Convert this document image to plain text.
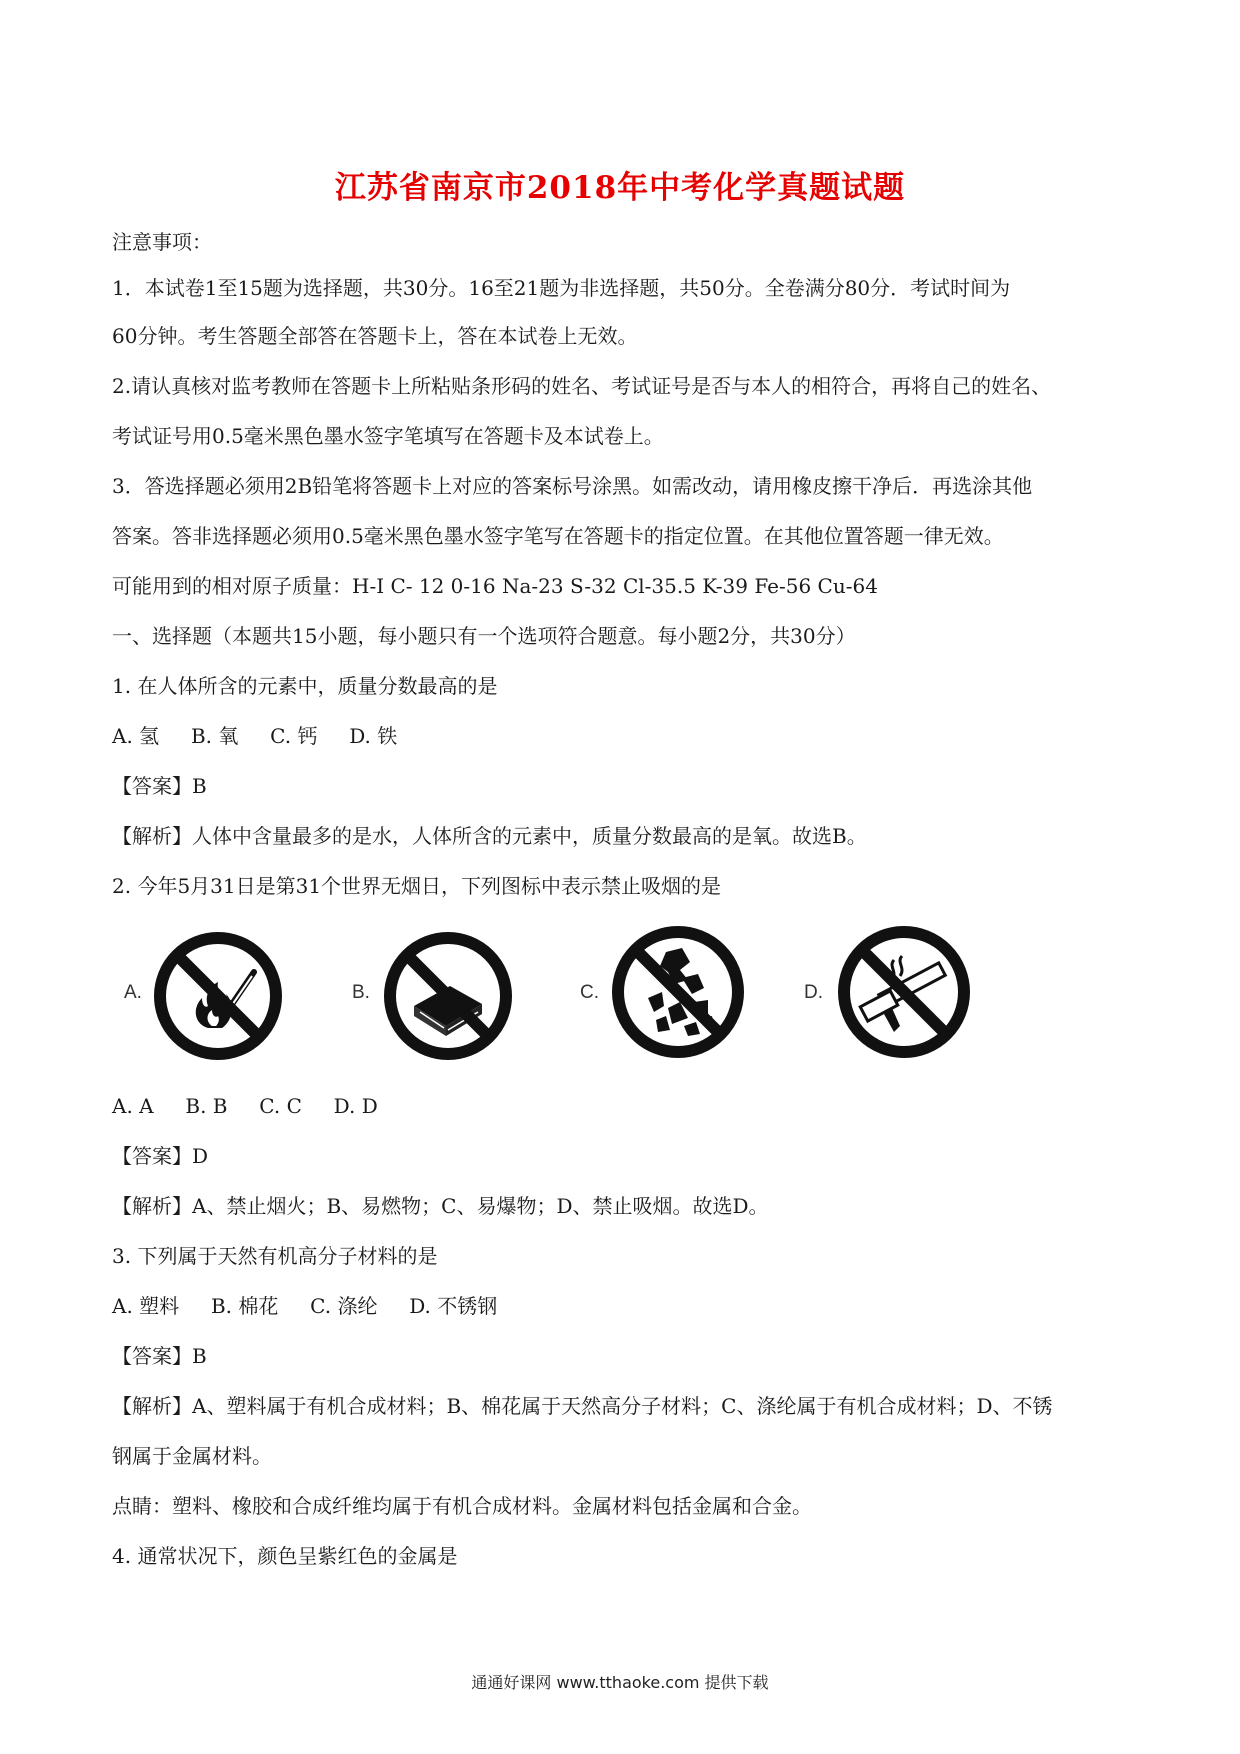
江苏省南京市2018年中考化学真题试题
注意事项：
1．本试卷1至15题为选择题，共30分。16至21题为非选择题，共50分。全卷满分80分．考试时间为
60分钟。考生答题全部答在答题卡上，答在本试卷上无效。
2.请认真核对监考教师在答题卡上所粘贴条形码的姓名、考试证号是否与本人的相符合，再将自己的姓名、
考试证号用0.5毫米黑色墨水签字笔填写在答题卡及本试卷上。
3．答选择题必须用2B铅笔将答题卡上对应的答案标号涂黑。如需改动，请用橡皮擦干净后．再选涂其他
答案。答非选择题必须用0.5毫米黑色墨水签字笔写在答题卡的指定位置。在其他位置答题一律无效。
可能用到的相对原子质量：H-I C- 12 0-16 Na-23 S-32 Cl-35.5 K-39 Fe-56 Cu-64
一、选择题（本题共15小题，每小题只有一个选项符合题意。每小题2分，共30分）
1. 在人体所含的元素中，质量分数最高的是
A. 氢     B. 氧     C. 钙     D. 铁
【答案】B
【解析】人体中含量最多的是水，人体所含的元素中，质量分数最高的是氧。故选B。
2. 今年5月31日是第31个世界无烟日，下列图标中表示禁止吸烟的是
A.	B.	C.	D.
A. A     B. B     C. C     D. D
【答案】D
【解析】A、禁止烟火；B、易燃物；C、易爆物；D、禁止吸烟。故选D。
3. 下列属于天然有机高分子材料的是
A. 塑料     B. 棉花     C. 涤纶     D. 不锈钢
【答案】B
【解析】A、塑料属于有机合成材料；B、棉花属于天然高分子材料；C、涤纶属于有机合成材料；D、不锈
钢属于金属材料。
点睛：塑料、橡胶和合成纤维均属于有机合成材料。金属材料包括金属和合金。
4. 通常状况下，颜色呈紫红色的金属是
通通好课网 www.tthaoke.com 提供下载
